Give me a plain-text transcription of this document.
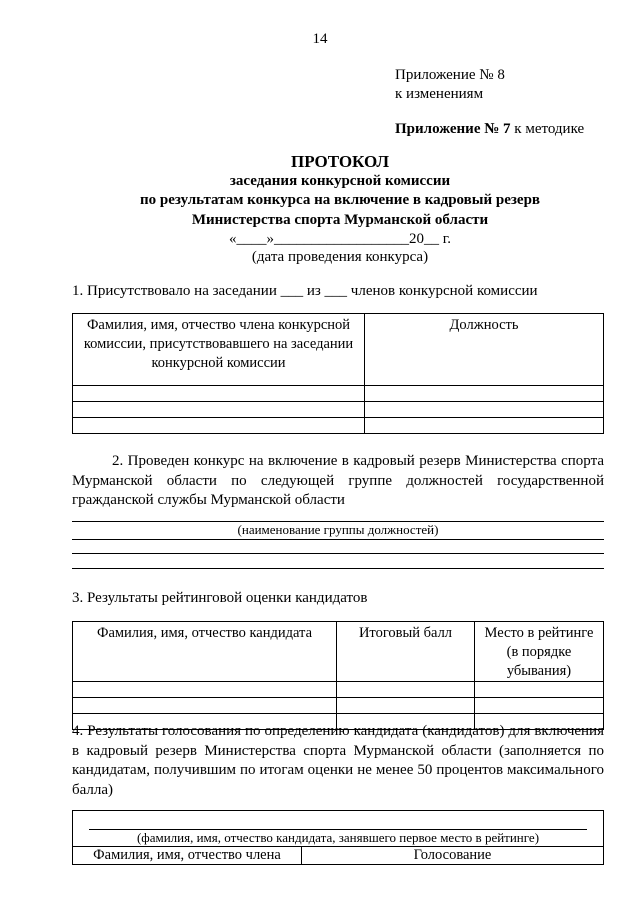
14
Приложение № 8
к изменениям
Приложение № 7 к методике
ПРОТОКОЛ
заседания конкурсной комиссии
по результатам конкурса на включение в кадровый резерв
Министерства спорта Мурманской области
«____»__________________20__ г.
(дата проведения конкурса)
1. Присутствовало на заседании ___ из ___ членов конкурсной комиссии
Фамилия, имя, отчество члена конкурсной комиссии, присутствовавшего на заседании конкурсной комиссии	Должность

2. Проведен конкурс на включение в кадровый резерв Министерства спорта Мурманской области по следующей группе должностей государственной гражданской службы Мурманской области
(наименование группы должностей)
3. Результаты рейтинговой оценки кандидатов
Фамилия, имя, отчество кандидата	Итоговый балл	Место в рейтинге (в порядке убывания)

4. Результаты голосования по определению кандидата (кандидатов) для включения в кадровый резерв Министерства спорта Мурманской области (заполняется по кандидатам, получившим по итогам оценки не менее 50 процентов максимального балла)
(фамилия, имя, отчество кандидата, занявшего первое место в рейтинге)

Фамилия, имя, отчество члена	Голосование
